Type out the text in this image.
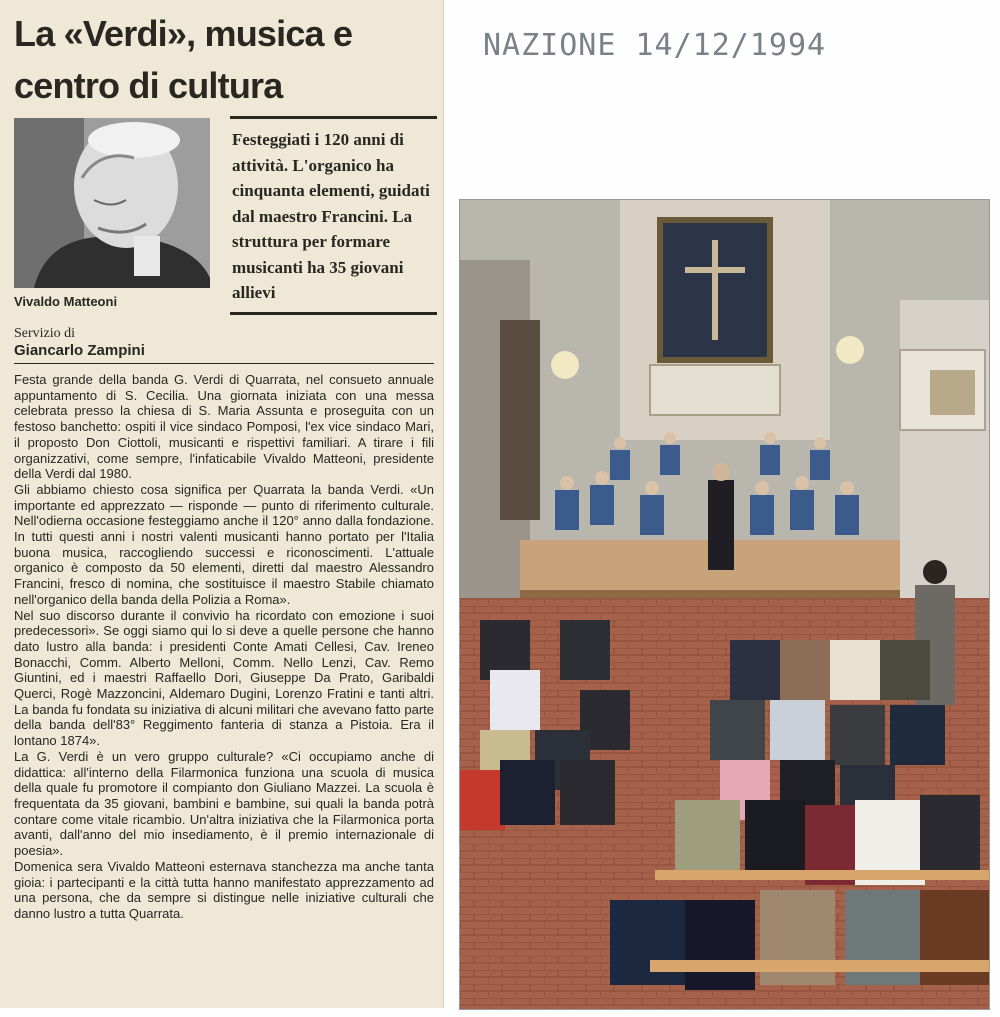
La «Verdi», musica e centro di cultura
Vivaldo Matteoni
Festeggiati i 120 anni di attività. L'organico ha cinquanta elementi, guidati dal maestro Francini. La struttura per formare musicanti ha 35 giovani allievi
Servizio di
Giancarlo Zampini

Festa grande della banda G. Verdi di Quarrata, nel consueto annuale appuntamento di S. Cecilia. Una giornata iniziata con una messa celebrata presso la chiesa di S. Maria Assunta e proseguita con un festoso banchetto: ospiti il vice sindaco Pomposi, l'ex vice sindaco Mari, il proposto Don Ciottoli, musicanti e rispettivi familiari. A tirare i fili organizzativi, come sempre, l'infaticabile Vivaldo Matteoni, presidente della Verdi dal 1980.

Gli abbiamo chiesto cosa significa per Quarrata la banda Verdi. «Un importante ed apprezzato — risponde — punto di riferimento culturale. Nell'odierna occasione festeggiamo anche il 120° anno dalla fondazione. In tutti questi anni i nostri valenti musicanti hanno portato per l'Italia buona musica, raccogliendo successi e riconoscimenti. L'attuale organico è composto da 50 elementi, diretti dal maestro Alessandro Francini, fresco di nomina, che sostituisce il maestro Stabile chiamato nell'organico della banda della Polizia a Roma».

Nel suo discorso durante il convivio ha ricordato con emozione i suoi predecessori». Se oggi siamo qui lo si deve a quelle persone che hanno dato lustro alla banda: i presidenti Conte Amati Cellesi, Cav. Ireneo Bonacchi, Comm. Alberto Melloni, Comm. Nello Lenzi, Cav. Remo Giuntini, ed i maestri Raffaello Dori, Giuseppe Da Prato, Garibaldi Querci, Rogè Mazzoncini, Aldemaro Dugini, Lorenzo Fratini e tanti altri. La banda fu fondata su iniziativa di alcuni militari che avevano fatto parte della banda dell'83° Reggimento fanteria di stanza a Pistoia. Era il lontano 1874».

La G. Verdi è un vero gruppo culturale? «Ci occupiamo anche di didattica: all'interno della Filarmonica funziona una scuola di musica della quale fu promotore il compianto don Giuliano Mazzei. La scuola è frequentata da 35 giovani, bambini e bambine, sui quali la banda potrà contare come vitale ricambio. Un'altra iniziativa che la Filarmonica porta avanti, dall'anno del mio insediamento, è il premio internazionale di poesia».

Domenica sera Vivaldo Matteoni esternava stanchezza ma anche tanta gioia: i partecipanti e la città tutta hanno manifestato apprezzamento ad una persona, che da sempre si distingue nelle iniziative culturali che danno lustro a tutta Quarrata.

NAZIONE 14/12/1994
